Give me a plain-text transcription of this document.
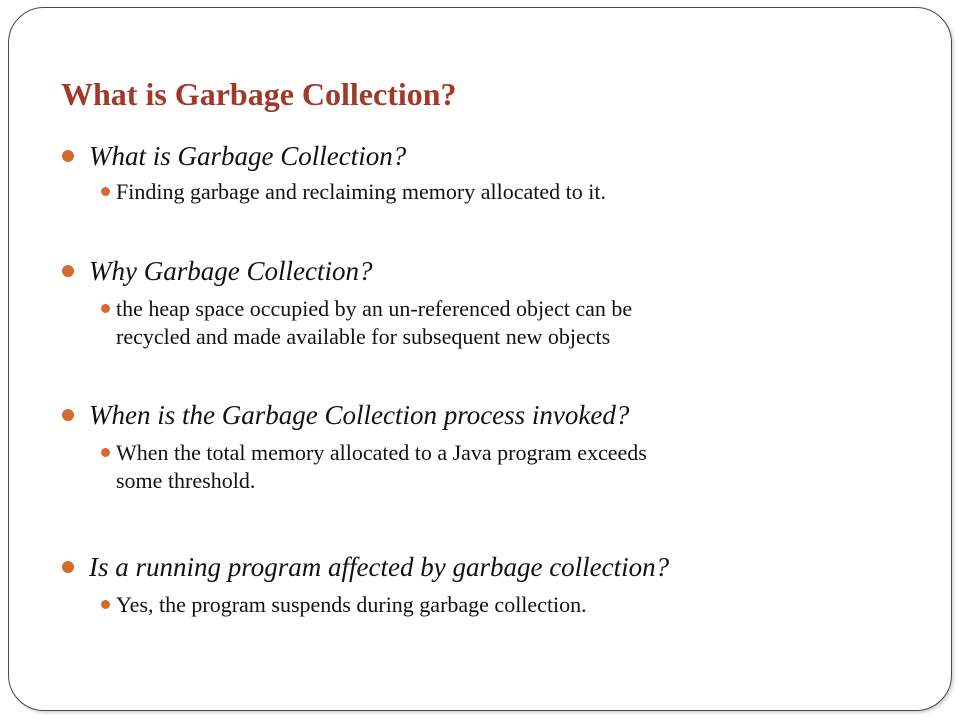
What is Garbage Collection?

What is Garbage Collection?

Finding garbage and reclaiming memory allocated to it.

Why Garbage Collection?

the heap space occupied by an un-referenced object can be

recycled and made available for subsequent new objects

When is the Garbage Collection process invoked?

When the total memory allocated to a Java program exceeds

some threshold.

Is a running program affected by garbage collection?

Yes, the program suspends during garbage collection.
